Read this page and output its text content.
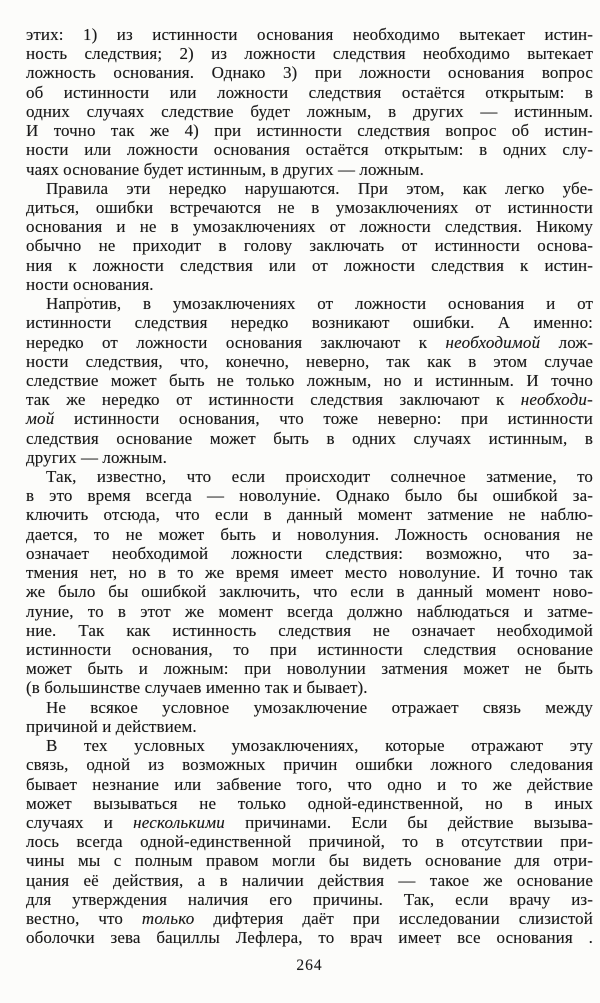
этих: 1) из истинности основания необходимо вытекает истин-
ность следствия; 2) из ложности следствия необходимо вытекает
ложность основания. Однако 3) при ложности основания вопрос
об истинности или ложности следствия остаётся открытым: в
одних случаях следствие будет ложным, в других — истинным.
И точно так же 4) при истинности следствия вопрос об истин-
ности или ложности основания остаётся открытым: в одних слу-
чаях основание будет истинным, в других — ложным.
Правила эти нередко нарушаются. При этом, как легко убе-
диться, ошибки встречаются не в умозаключениях от истинности
основания и не в умозаключениях от ложности следствия. Никому
обычно не приходит в голову заключать от истинности основа-
ния к ложности следствия или от ложности следствия к истин-
ности основания.
Напротив, в умозаключениях от ложности основания и от
истинности следствия нередко возникают ошибки. А именно:
нередко от ложности основания заключают к необходимой лож-
ности следствия, что, конечно, неверно, так как в этом случае
следствие может быть не только ложным, но и истинным. И точно
так же нередко от истинности следствия заключают к необходи-
мой истинности основания, что тоже неверно: при истинности
следствия основание может быть в одних случаях истинным, в
других — ложным.
Так, известно, что если происходит солнечное затмение, то
в это время всегда — новолуние. Однако было бы ошибкой за-
ключить отсюда, что если в данный момент затмение не наблю-
дается, то не может быть и новолуния. Ложность основания не
означает необходимой ложности следствия: возможно, что за-
тмения нет, но в то же время имеет место новолуние. И точно так
же было бы ошибкой заключить, что если в данный момент ново-
луние, то в этот же момент всегда должно наблюдаться и затме-
ние. Так как истинность следствия не означает необходимой
истинности основания, то при истинности следствия основание
может быть и ложным: при новолунии затмения может не быть
(в большинстве случаев именно так и бывает).
Не всякое условное умозаключение отражает связь между
причиной и действием.
В тех условных умозаключениях, которые отражают эту
связь, одной из возможных причин ошибки ложного следования
бывает незнание или забвение того, что одно и то же действие
может вызываться не только одной-единственной, но в иных
случаях и несколькими причинами. Если бы действие вызыва-
лось всегда одной-единственной причиной, то в отсутствии при-
чины мы с полным правом могли бы видеть основание для отри-
цания её действия, а в наличии действия — такое же основание
для утверждения наличия его причины. Так, если врачу из-
вестно, что только дифтерия даёт при исследовании слизистой
оболочки зева бациллы Лефлера, то врач имеет все основания .
264
